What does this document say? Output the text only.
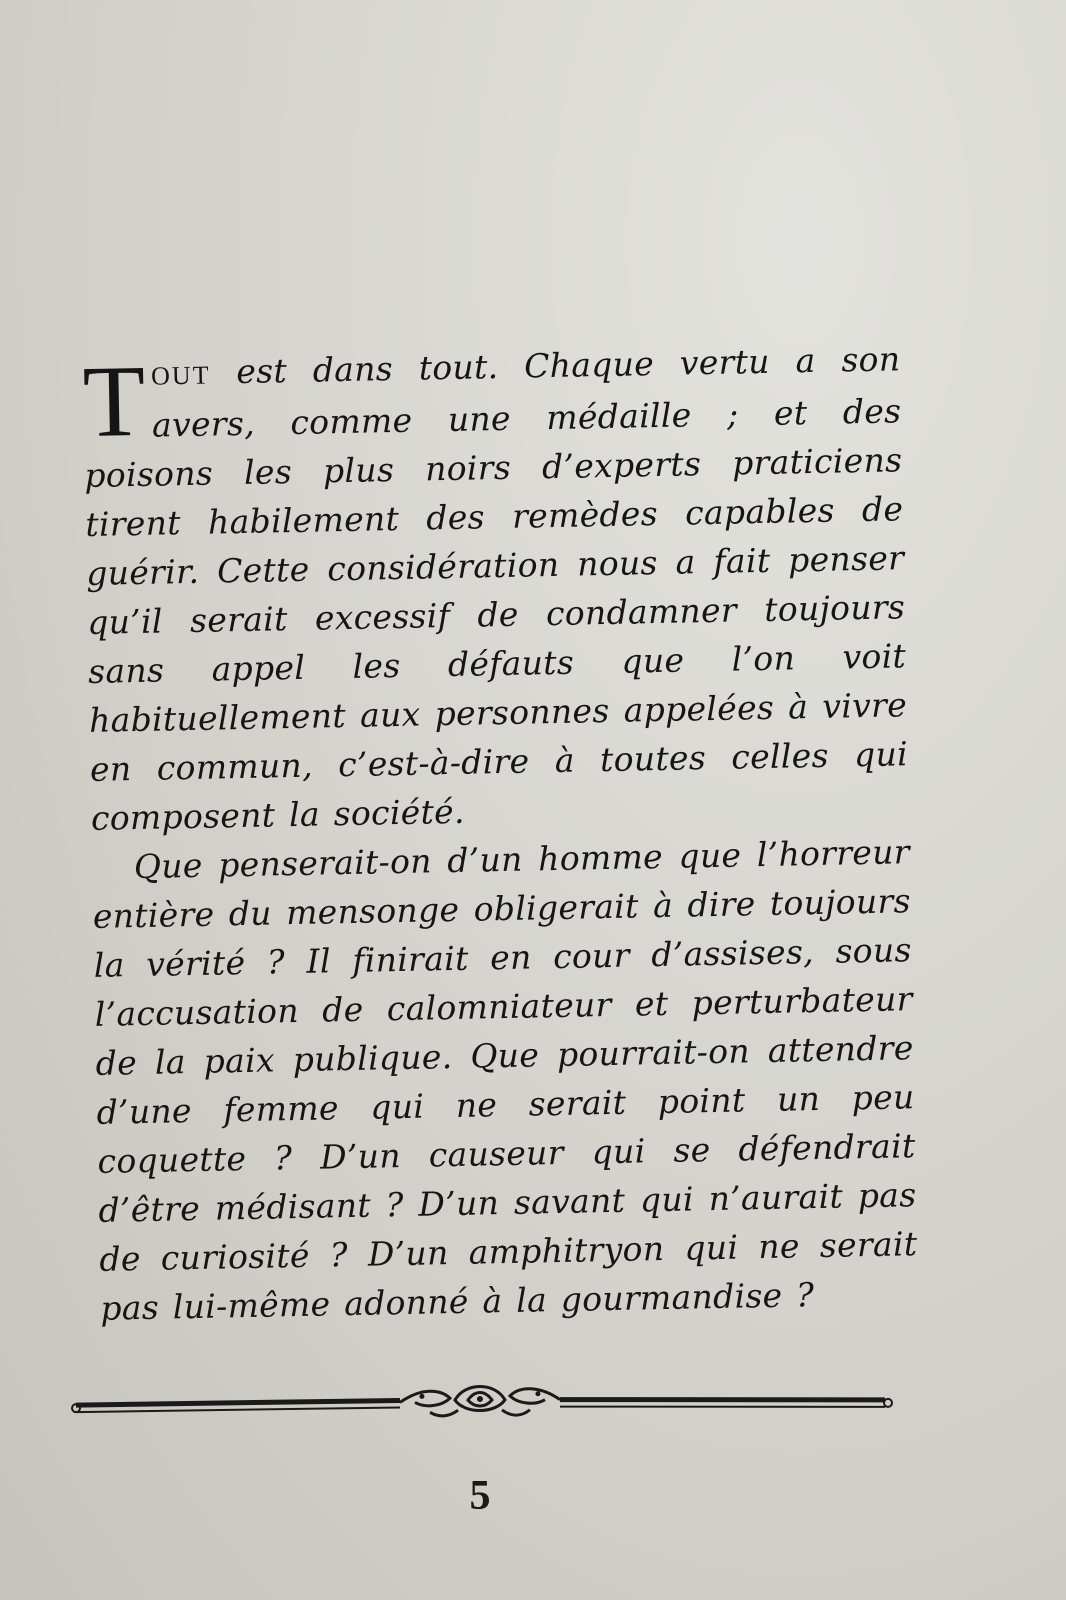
TOUT est dans tout. Chaque vertu a son avers, comme une médaille ; et des poisons les plus noirs d’experts praticiens tirent habilement des remèdes capables de guérir. Cette considération nous a fait penser qu’il serait excessif de condamner toujours sans appel les défauts que l’on voit habituellement aux personnes appelées à vivre en commun, c’est-à-dire à toutes celles qui composent la société.

Que penserait-on d’un homme que l’horreur entière du mensonge obligerait à dire toujours la vérité ? Il finirait en cour d’assises, sous l’accusation de calomniateur et perturbateur de la paix publique. Que pourrait-on attendre d’une femme qui ne serait point un peu coquette ? D’un causeur qui se défendrait d’être médisant ? D’un savant qui n’aurait pas de curiosité ? D’un amphitryon qui ne serait pas lui-même adonné à la gourmandise ?

5
